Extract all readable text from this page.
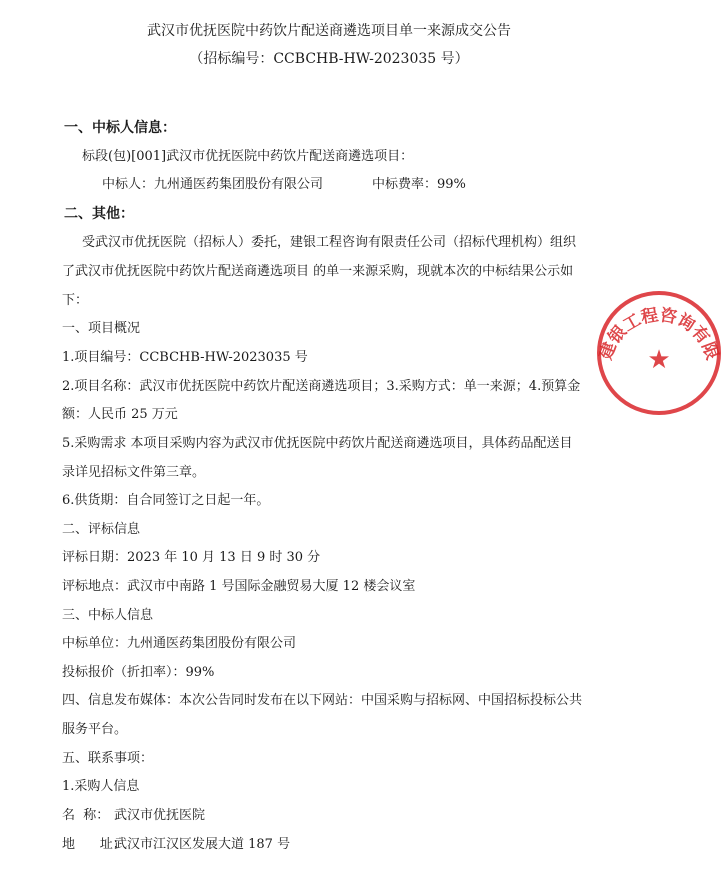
武汉市优抚医院中药饮片配送商遴选项目单一来源成交公告
（招标编号：CCBCHB-HW-2023035 号）
一、中标人信息：
标段(包)[001]武汉市优抚医院中药饮片配送商遴选项目：
中标人：九州通医药集团股份有限公司	中标费率：99%
二、其他：
受武汉市优抚医院（招标人）委托，建银工程咨询有限责任公司（招标代理机构）组织
了武汉市优抚医院中药饮片配送商遴选项目 的单一来源采购，现就本次的中标结果公示如
下：
一、项目概况
1.项目编号：CCBCHB-HW-2023035 号
2.项目名称：武汉市优抚医院中药饮片配送商遴选项目；3.采购方式：单一来源；4.预算金
额：人民币 25 万元
5.采购需求 本项目采购内容为武汉市优抚医院中药饮片配送商遴选项目，具体药品配送目
录详见招标文件第三章。
6.供货期：自合同签订之日起一年。
二、评标信息
评标日期：2023 年 10 月 13 日 9 时 30 分
评标地点：武汉市中南路 1 号国际金融贸易大厦 12 楼会议室
三、中标人信息
中标单位：九州通医药集团股份有限公司
投标报价（折扣率）：99%
四、信息发布媒体：本次公告同时发布在以下网站：中国采购与招标网、中国招标投标公共
服务平台。
五、联系事项：
1.采购人信息
名  称： 武汉市优抚医院
地      址：
武汉市江汉区发展大道 187 号
建银工程咨询有限
★
